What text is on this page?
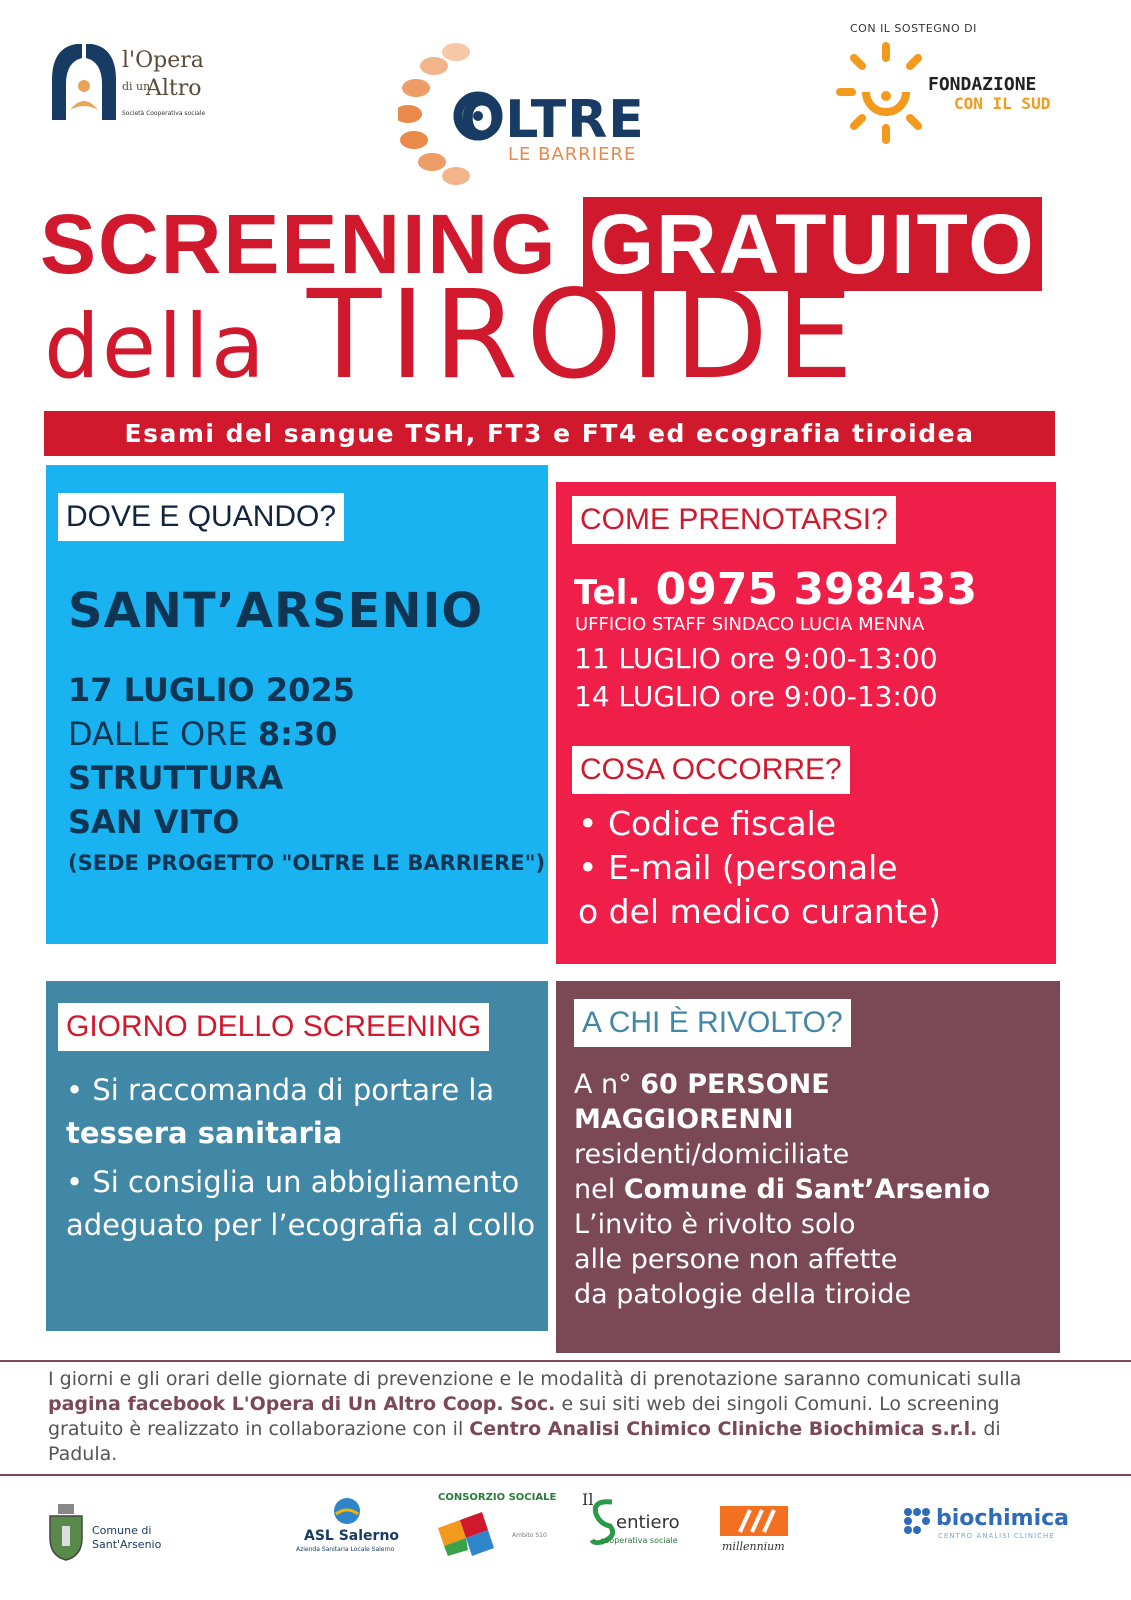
l'Opera
di un
Altro
Società Cooperativa sociale	OLTRE
LE BARRIERE
CON IL SOSTEGNO DI
FONDAZIONE
CON IL SUD
SCREENING GRATUITO
della TIROIDE
Esami del sangue TSH, FT3 e FT4 ed ecografia tiroidea
DOVE E QUANDO?
SANT’ARSENIO
17 LUGLIO 2025
DALLE ORE 8:30
STRUTTURA
SAN VITO
(SEDE PROGETTO "OLTRE LE BARRIERE")
COME PRENOTARSI?
Tel. 0975 398433
UFFICIO STAFF SINDACO LUCIA MENNA
11 LUGLIO ore 9:00-13:00
14 LUGLIO ore 9:00-13:00
COSA OCCORRE?
• Codice fiscale
• E-mail (personale
o del medico curante)
GIORNO DELLO SCREENING
• Si raccomanda di portare la
tessera sanitaria
• Si consiglia un abbigliamento adeguato per l’ecografia al collo
A CHI È RIVOLTO?
A n° 60 PERSONE
MAGGIORENNI
residenti/domiciliate
nel Comune di Sant’Arsenio
L’invito è rivolto solo
alle persone non affette
da patologie della tiroide
I giorni e gli orari delle giornate di prevenzione e le modalità di prenotazione saranno comunicati sulla pagina facebook L'Opera di Un Altro Coop. Soc. e sui siti web dei singoli Comuni. Lo screening gratuito è realizzato in collaborazione con il Centro Analisi Chimico Cliniche Biochimica s.r.l. di Padula.
Comune di
Sant'Arsenio
ASL Salerno
Azienda Sanitaria Locale Salerno
CONSORZIO SOCIALE
Ambito S10
Il
entiero
cooperativa sociale	millennium
biochimica
CENTRO ANALISI CLINICHE
